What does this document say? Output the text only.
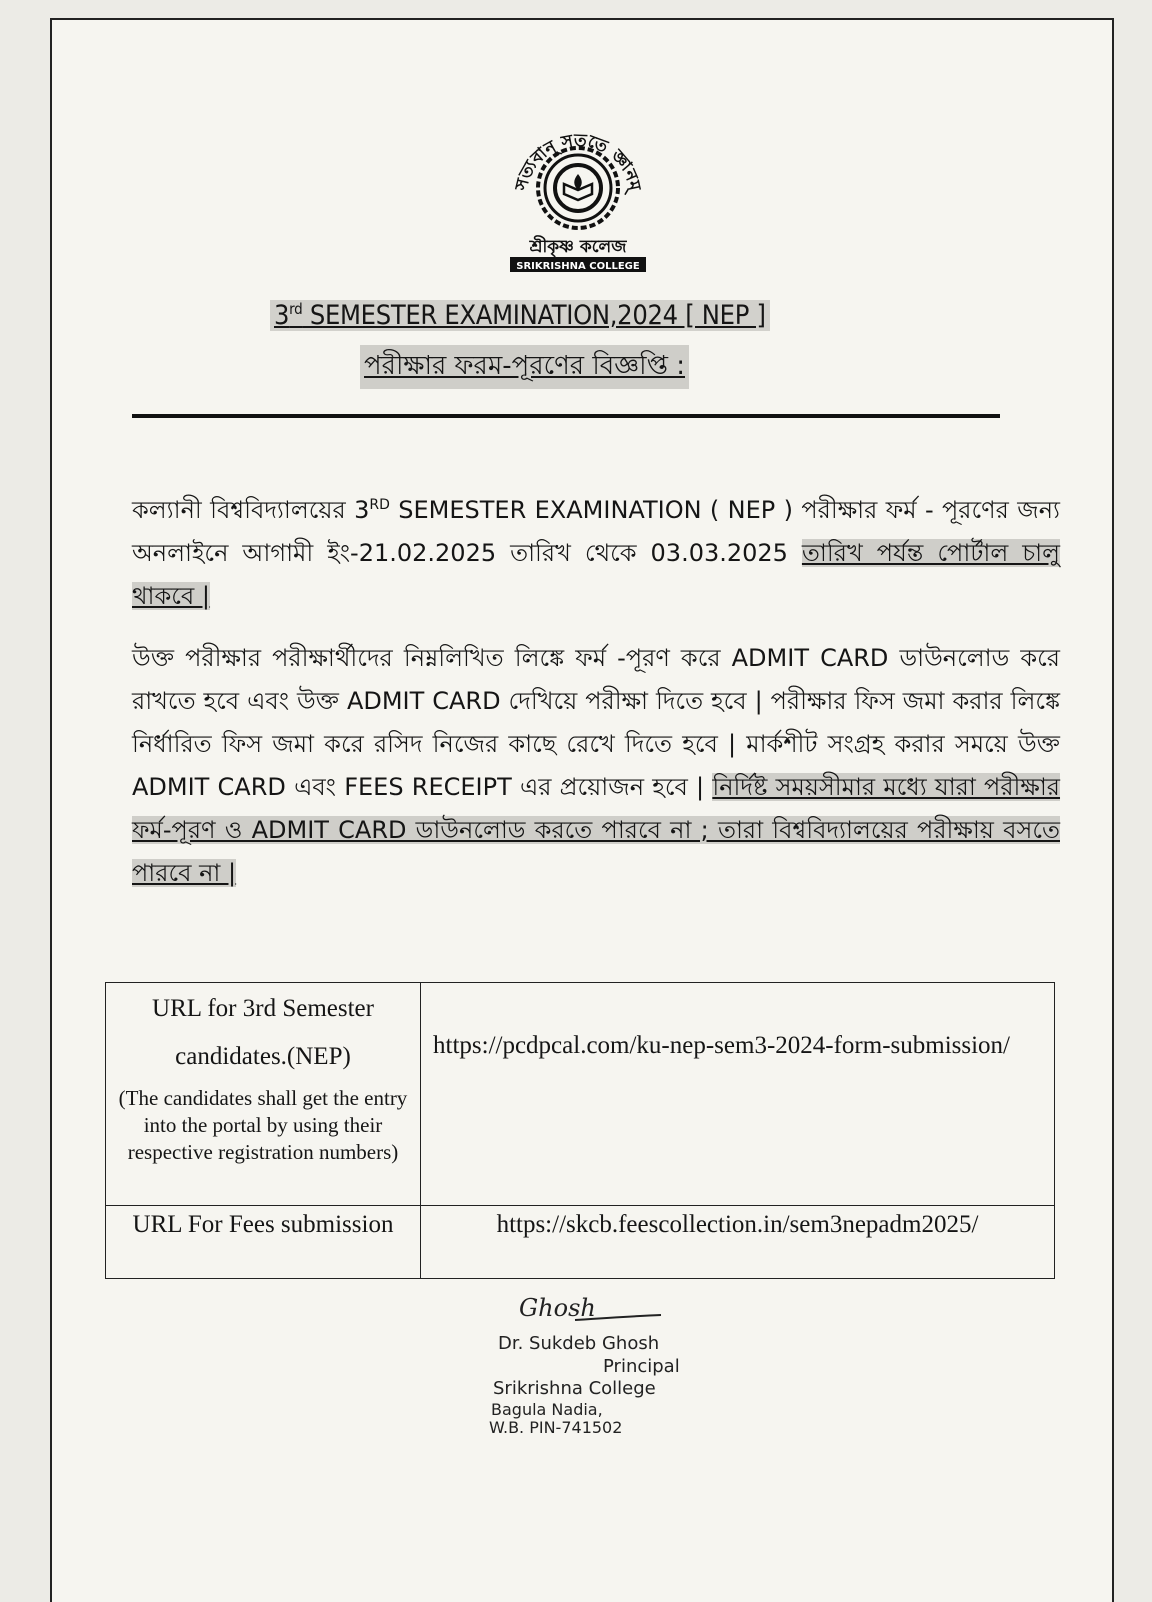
সত্যবান্ সততে জ্ঞানম্
শ্রীকৃষ্ণ কলেজ
SRIKRISHNA COLLEGE
3rd SEMESTER EXAMINATION,2024 [ NEP ]
পরীক্ষার ফরম-পূরণের বিজ্ঞপ্তি :
কল্যানী বিশ্ববিদ্যালয়ের 3RD SEMESTER EXAMINATION ( NEP ) পরীক্ষার ফর্ম - পূরণের জন্য অনলাইনে আগামী ইং-21.02.2025 তারিখ থেকে 03.03.2025 তারিখ পর্যন্ত পোর্টাল চালু থাকবে |
উক্ত পরীক্ষার পরীক্ষার্থীদের নিম্নলিখিত লিঙ্কে ফর্ম -পূরণ করে ADMIT CARD ডাউনলোড করে রাখতে হবে এবং উক্ত ADMIT CARD দেখিয়ে পরীক্ষা দিতে হবে | পরীক্ষার ফিস জমা করার লিঙ্কে নির্ধারিত ফিস জমা করে রসিদ নিজের কাছে রেখে দিতে হবে | মার্কশীট সংগ্রহ করার সময়ে উক্ত ADMIT CARD এবং FEES RECEIPT এর প্রয়োজন হবে | নির্দিষ্ট সময়সীমার মধ্যে যারা পরীক্ষার ফর্ম-পূরণ ও ADMIT CARD ডাউনলোড করতে পারবে না ; তারা বিশ্ববিদ্যালয়ের পরীক্ষায় বসতে পারবে না |
URL for 3rd Semester
candidates.(NEP)
(The candidates shall get the entry into the portal by using their respective registration numbers)	https://pcdpcal.com/ku-nep-sem3-2024-form-submission/
URL For Fees submission	https://skcb.feescollection.in/sem3nepadm2025/
Ghosh
Dr. Sukdeb Ghosh
Principal
Srikrishna College
Bagula Nadia,
W.B. PIN-741502
